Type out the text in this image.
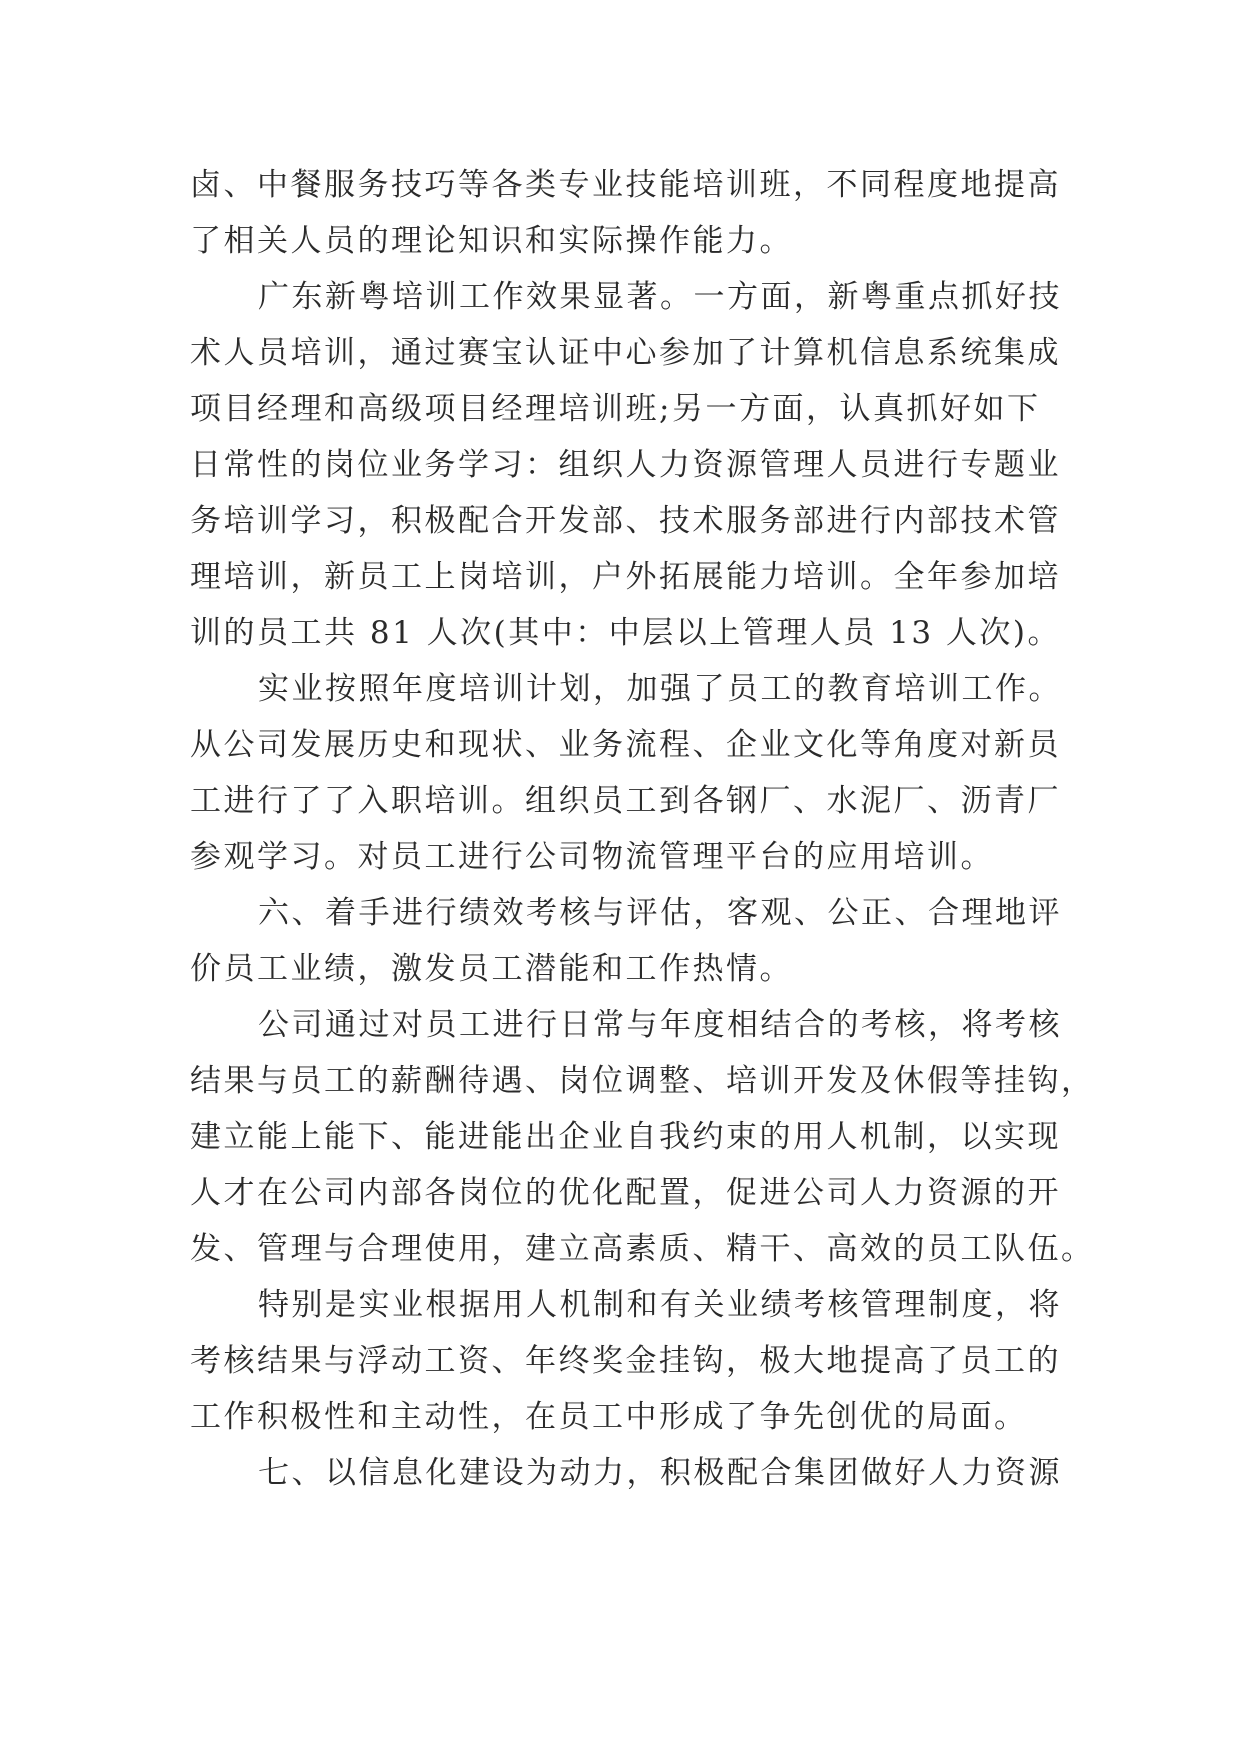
卤、中餐服务技巧等各类专业技能培训班，不同程度地提高
了相关人员的理论知识和实际操作能力。
广东新粤培训工作效果显著。一方面，新粤重点抓好技
术人员培训，通过赛宝认证中心参加了计算机信息系统集成
项目经理和高级项目经理培训班;另一方面，认真抓好如下
日常性的岗位业务学习：组织人力资源管理人员进行专题业
务培训学习，积极配合开发部、技术服务部进行内部技术管
理培训，新员工上岗培训，户外拓展能力培训。全年参加培
训的员工共 81 人次(其中：中层以上管理人员 13 人次)。
实业按照年度培训计划，加强了员工的教育培训工作。
从公司发展历史和现状、业务流程、企业文化等角度对新员
工进行了了入职培训。组织员工到各钢厂、水泥厂、沥青厂
参观学习。对员工进行公司物流管理平台的应用培训。
六、着手进行绩效考核与评估，客观、公正、合理地评
价员工业绩，激发员工潜能和工作热情。
公司通过对员工进行日常与年度相结合的考核，将考核
结果与员工的薪酬待遇、岗位调整、培训开发及休假等挂钩，
建立能上能下、能进能出企业自我约束的用人机制，以实现
人才在公司内部各岗位的优化配置，促进公司人力资源的开
发、管理与合理使用，建立高素质、精干、高效的员工队伍。
特别是实业根据用人机制和有关业绩考核管理制度，将
考核结果与浮动工资、年终奖金挂钩，极大地提高了员工的
工作积极性和主动性，在员工中形成了争先创优的局面。
七、以信息化建设为动力，积极配合集团做好人力资源
